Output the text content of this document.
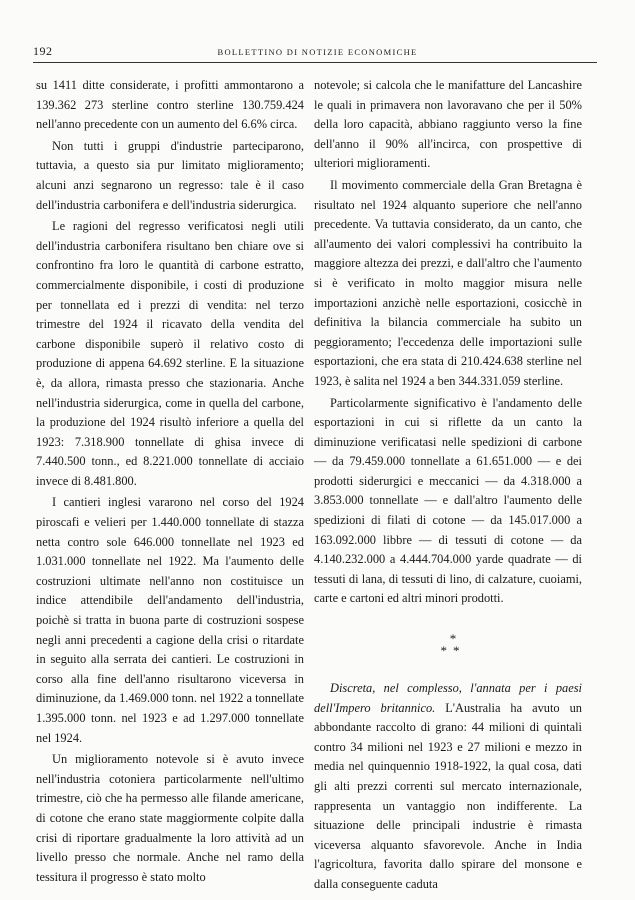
192	BOLLETTINO DI NOTIZIE ECONOMICHE

su 1411 ditte considerate, i profitti ammontarono a 139.362 273 sterline contro sterline 130.759.424 nell'anno precedente con un aumento del 6.6% circa.

Non tutti i gruppi d'industrie parteciparono, tuttavia, a questo sia pur limitato miglioramento; alcuni anzi segnarono un regresso: tale è il caso dell'industria carbonifera e dell'industria siderurgica.

Le ragioni del regresso verificatosi negli utili dell'industria carbonifera risultano ben chiare ove si confrontino fra loro le quantità di carbone estratto, commercialmente disponibile, i costi di produzione per tonnellata ed i prezzi di vendita: nel terzo trimestre del 1924 il ricavato della vendita del carbone disponibile superò il relativo costo di produzione di appena 64.692 sterline. E la situazione è, da allora, rimasta presso che stazionaria. Anche nell'industria siderurgica, come in quella del carbone, la produzione del 1924 risultò inferiore a quella del 1923: 7.318.900 tonnellate di ghisa invece di 7.440.500 tonn., ed 8.221.000 tonnellate di acciaio invece di 8.481.800.

I cantieri inglesi vararono nel corso del 1924 piroscafi e velieri per 1.440.000 tonnellate di stazza netta contro sole 646.000 tonnellate nel 1923 ed 1.031.000 tonnellate nel 1922. Ma l'aumento delle costruzioni ultimate nell'anno non costituisce un indice attendibile dell'andamento dell'industria, poichè si tratta in buona parte di costruzioni sospese negli anni precedenti a cagione della crisi o ritardate in seguito alla serrata dei cantieri. Le costruzioni in corso alla fine dell'anno risultarono viceversa in diminuzione, da 1.469.000 tonn. nel 1922 a tonnellate 1.395.000 tonn. nel 1923 e ad 1.297.000 tonnellate nel 1924.

Un miglioramento notevole si è avuto invece nell'industria cotoniera particolarmente nell'ultimo trimestre, ciò che ha permesso alle filande americane, di cotone che erano state maggiormente colpite dalla crisi di riportare gradualmente la loro attività ad un livello presso che normale. Anche nel ramo della tessitura il progresso è stato molto

notevole; si calcola che le manifatture del Lancashire le quali in primavera non lavoravano che per il 50% della loro capacità, abbiano raggiunto verso la fine dell'anno il 90% all'incirca, con prospettive di ulteriori miglioramenti.

Il movimento commerciale della Gran Bretagna è risultato nel 1924 alquanto superiore che nell'anno precedente. Va tuttavia considerato, da un canto, che all'aumento dei valori complessivi ha contribuito la maggiore altezza dei prezzi, e dall'altro che l'aumento si è verificato in molto maggior misura nelle importazioni anzichè nelle esportazioni, cosicchè in definitiva la bilancia commerciale ha subito un peggioramento; l'eccedenza delle importazioni sulle esportazioni, che era stata di 210.424.638 sterline nel 1923, è salita nel 1924 a ben 344.331.059 sterline.

Particolarmente significativo è l'andamento delle esportazioni in cui si riflette da un canto la diminuzione verificatasi nelle spedizioni di carbone — da 79.459.000 tonnellate a 61.651.000 — e dei prodotti siderurgici e meccanici — da 4.318.000 a 3.853.000 tonnellate — e dall'altro l'aumento delle spedizioni di filati di cotone — da 145.017.000 a 163.092.000 libbre — di tessuti di cotone — da 4.140.232.000 a 4.444.704.000 yarde quadrate — di tessuti di lana, di tessuti di lino, di calzature, cuoiami, carte e cartoni ed altri minori prodotti.

*
**

Discreta, nel complesso, l'annata per i paesi dell'Impero britannico. L'Australia ha avuto un abbondante raccolto di grano: 44 milioni di quintali contro 34 milioni nel 1923 e 27 milioni e mezzo in media nel quinquennio 1918-1922, la qual cosa, dati gli alti prezzi correnti sul mercato internazionale, rappresenta un vantaggio non indifferente. La situazione delle principali industrie è rimasta viceversa alquanto sfavorevole. Anche in India l'agricoltura, favorita dallo spirare del monsone e dalla conseguente caduta
